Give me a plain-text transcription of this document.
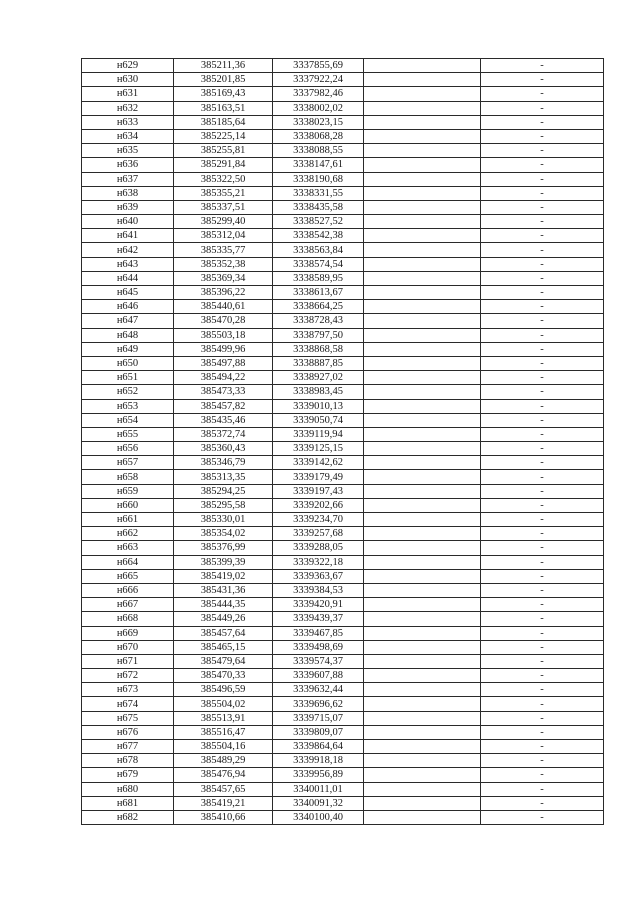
н629	385211,36	3337855,69		-
н630	385201,85	3337922,24		-
н631	385169,43	3337982,46		-
н632	385163,51	3338002,02		-
н633	385185,64	3338023,15		-
н634	385225,14	3338068,28		-
н635	385255,81	3338088,55		-
н636	385291,84	3338147,61		-
н637	385322,50	3338190,68		-
н638	385355,21	3338331,55		-
н639	385337,51	3338435,58		-
н640	385299,40	3338527,52		-
н641	385312,04	3338542,38		-
н642	385335,77	3338563,84		-
н643	385352,38	3338574,54		-
н644	385369,34	3338589,95		-
н645	385396,22	3338613,67		-
н646	385440,61	3338664,25		-
н647	385470,28	3338728,43		-
н648	385503,18	3338797,50		-
н649	385499,96	3338868,58		-
н650	385497,88	3338887,85		-
н651	385494,22	3338927,02		-
н652	385473,33	3338983,45		-
н653	385457,82	3339010,13		-
н654	385435,46	3339050,74		-
н655	385372,74	3339119,94		-
н656	385360,43	3339125,15		-
н657	385346,79	3339142,62		-
н658	385313,35	3339179,49		-
н659	385294,25	3339197,43		-
н660	385295,58	3339202,66		-
н661	385330,01	3339234,70		-
н662	385354,02	3339257,68		-
н663	385376,99	3339288,05		-
н664	385399,39	3339322,18		-
н665	385419,02	3339363,67		-
н666	385431,36	3339384,53		-
н667	385444,35	3339420,91		-
н668	385449,26	3339439,37		-
н669	385457,64	3339467,85		-
н670	385465,15	3339498,69		-
н671	385479,64	3339574,37		-
н672	385470,33	3339607,88		-
н673	385496,59	3339632,44		-
н674	385504,02	3339696,62		-
н675	385513,91	3339715,07		-
н676	385516,47	3339809,07		-
н677	385504,16	3339864,64		-
н678	385489,29	3339918,18		-
н679	385476,94	3339956,89		-
н680	385457,65	3340011,01		-
н681	385419,21	3340091,32		-
н682	385410,66	3340100,40		-
